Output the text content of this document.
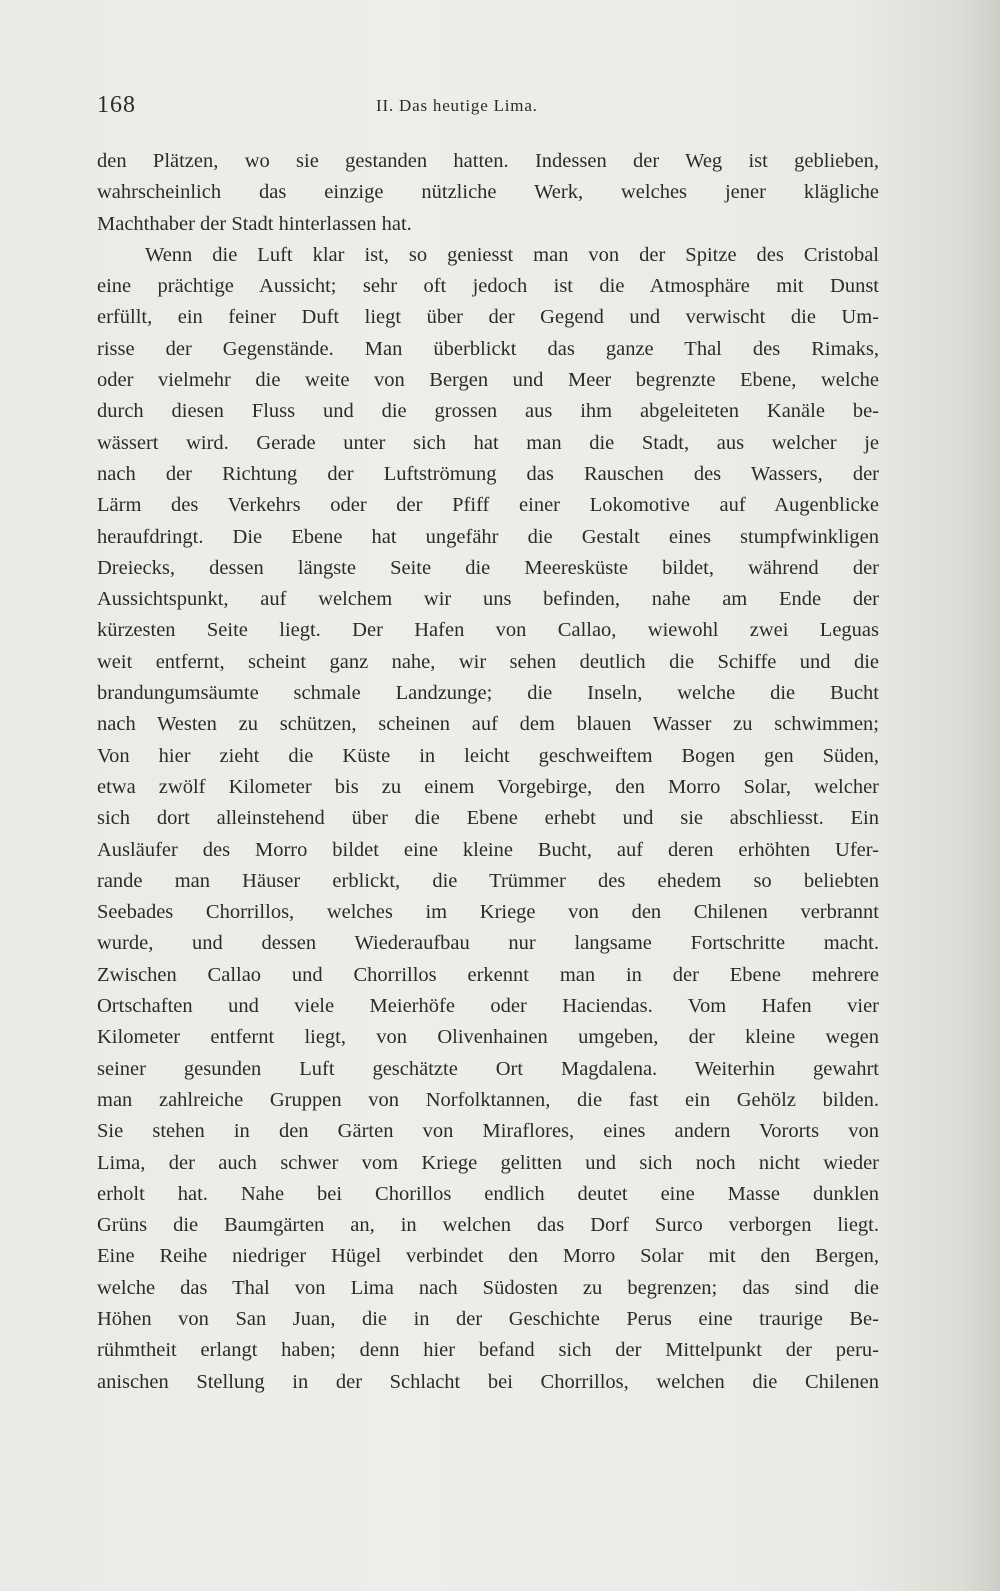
168	II. Das heutige Lima.
den Plätzen, wo sie gestanden hatten. Indessen der Weg ist geblieben,
wahrscheinlich das einzige nützliche Werk, welches jener klägliche
Machthaber der Stadt hinterlassen hat.
Wenn die Luft klar ist, so geniesst man von der Spitze des Cristobal
eine prächtige Aussicht; sehr oft jedoch ist die Atmosphäre mit Dunst
erfüllt, ein feiner Duft liegt über der Gegend und verwischt die Um-
risse der Gegenstände. Man überblickt das ganze Thal des Rimaks,
oder vielmehr die weite von Bergen und Meer begrenzte Ebene, welche
durch diesen Fluss und die grossen aus ihm abgeleiteten Kanäle be-
wässert wird. Gerade unter sich hat man die Stadt, aus welcher je
nach der Richtung der Luftströmung das Rauschen des Wassers, der
Lärm des Verkehrs oder der Pfiff einer Lokomotive auf Augenblicke
heraufdringt. Die Ebene hat ungefähr die Gestalt eines stumpfwinkligen
Dreiecks, dessen längste Seite die Meeresküste bildet, während der
Aussichtspunkt, auf welchem wir uns befinden, nahe am Ende der
kürzesten Seite liegt. Der Hafen von Callao, wiewohl zwei Leguas
weit entfernt, scheint ganz nahe, wir sehen deutlich die Schiffe und die
brandungumsäumte schmale Landzunge; die Inseln, welche die Bucht
nach Westen zu schützen, scheinen auf dem blauen Wasser zu schwimmen;
Von hier zieht die Küste in leicht geschweiftem Bogen gen Süden,
etwa zwölf Kilometer bis zu einem Vorgebirge, den Morro Solar, welcher
sich dort alleinstehend über die Ebene erhebt und sie abschliesst. Ein
Ausläufer des Morro bildet eine kleine Bucht, auf deren erhöhten Ufer-
rande man Häuser erblickt, die Trümmer des ehedem so beliebten
Seebades Chorrillos, welches im Kriege von den Chilenen verbrannt
wurde, und dessen Wiederaufbau nur langsame Fortschritte macht.
Zwischen Callao und Chorrillos erkennt man in der Ebene mehrere
Ortschaften und viele Meierhöfe oder Haciendas. Vom Hafen vier
Kilometer entfernt liegt, von Olivenhainen umgeben, der kleine wegen
seiner gesunden Luft geschätzte Ort Magdalena. Weiterhin gewahrt
man zahlreiche Gruppen von Norfolktannen, die fast ein Gehölz bilden.
Sie stehen in den Gärten von Miraflores, eines andern Vororts von
Lima, der auch schwer vom Kriege gelitten und sich noch nicht wieder
erholt hat. Nahe bei Chorillos endlich deutet eine Masse dunklen
Grüns die Baumgärten an, in welchen das Dorf Surco verborgen liegt.
Eine Reihe niedriger Hügel verbindet den Morro Solar mit den Bergen,
welche das Thal von Lima nach Südosten zu begrenzen; das sind die
Höhen von San Juan, die in der Geschichte Perus eine traurige Be-
rühmtheit erlangt haben; denn hier befand sich der Mittelpunkt der peru-
anischen Stellung in der Schlacht bei Chorrillos, welchen die Chilenen
